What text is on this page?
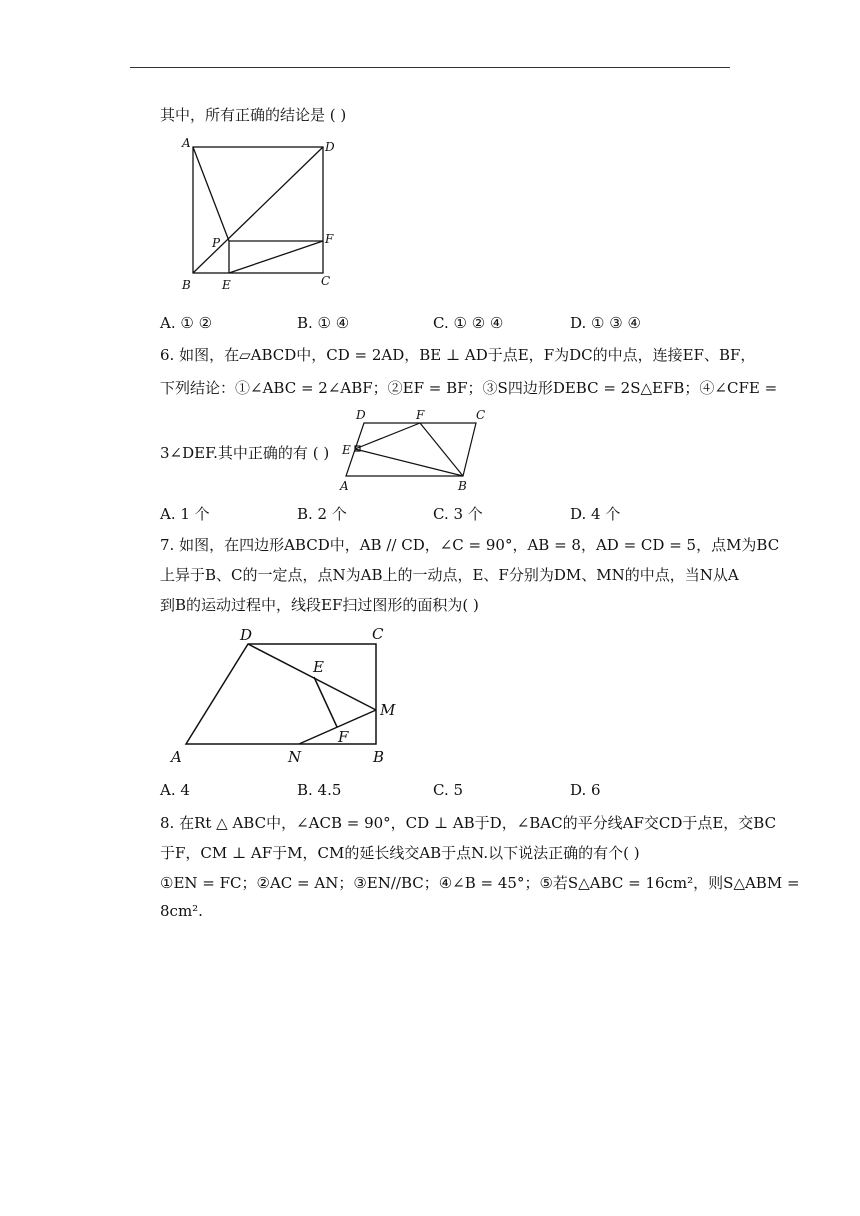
其中，所有正确的结论是 ( )
A	D
P	F
B	E	C
A. ① ②	B. ① ④	C. ① ② ④	D. ① ③ ④
6. 如图，在▱ABCD中，CD = 2AD，BE ⊥ AD于点E，F为DC的中点，连接EF、BF，
下列结论：①∠ABC = 2∠ABF；②EF = BF；③S四边形DEBC = 2S△EFB；④∠CFE =
D	F	C
E
A	B
3∠DEF.其中正确的有 ( )
A. 1 个	B. 2 个	C. 3 个	D. 4 个
7. 如图，在四边形ABCD中，AB // CD，∠C = 90°，AB = 8，AD = CD = 5，点M为BC
上异于B、C的一定点，点N为AB上的一动点，E、F分别为DM、MN的中点，当N从A
到B的运动过程中，线段EF扫过图形的面积为( )
D	C
E
M
F
A	N	B
A. 4	B. 4.5	C. 5	D. 6
8. 在Rt △ ABC中，∠ACB = 90°，CD ⊥ AB于D，∠BAC的平分线AF交CD于点E，交BC
于F，CM ⊥ AF于M，CM的延长线交AB于点N.以下说法正确的有个( )
①EN = FC；②AC = AN；③EN//BC；④∠B = 45°；⑤若S△ABC = 16cm²，则S△ABM =
8cm².
